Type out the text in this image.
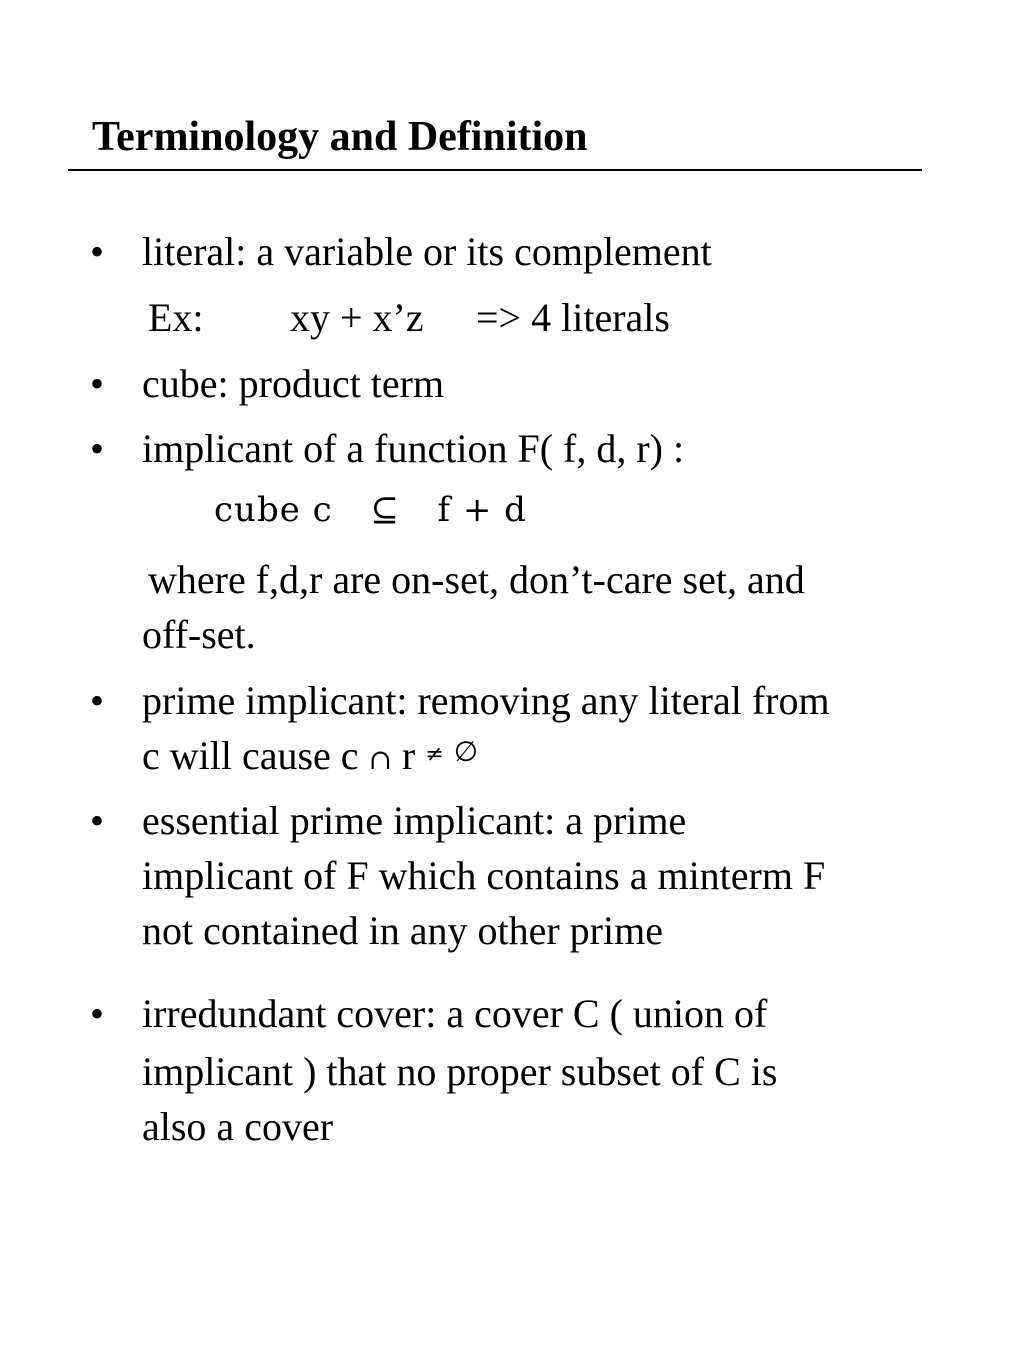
Terminology and Definition
• literal: a variable or its complement
Ex: xy + x’z => 4 literals
• cube: product term
• implicant of a function F( f, d, r) :
cube c ⊆ f + d
where f,d,r are on-set, don’t-care set, and
off-set.
• prime implicant: removing any literal from
c will cause c ∩ r ≠ ∅
• essential prime implicant: a prime
implicant of F which contains a minterm F
not contained in any other prime
• irredundant cover: a cover C ( union of
implicant ) that no proper subset of C is
also a cover
